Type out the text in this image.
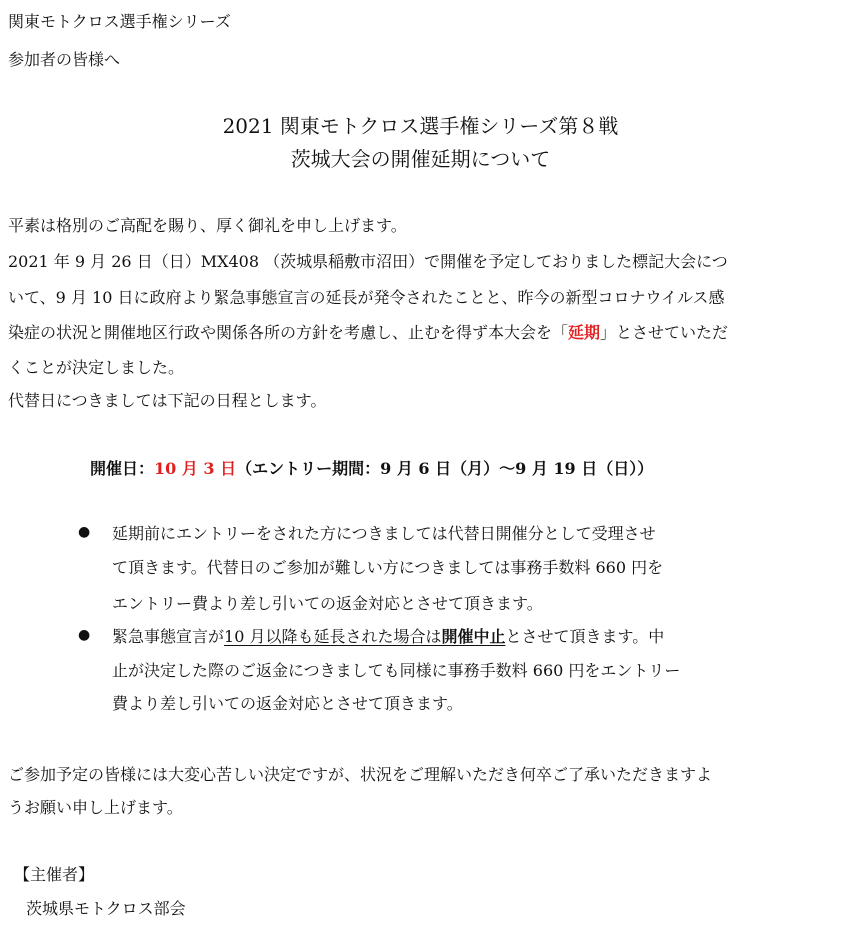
関東モトクロス選手権シリーズ
参加者の皆様へ
2021 関東モトクロス選手権シリーズ第８戦
茨城大会の開催延期について
平素は格別のご高配を賜り、厚く御礼を申し上げます。
2021 年 9 月 26 日（日）MX408 （茨城県稲敷市沼田）で開催を予定しておりました標記大会につ
いて、9 月 10 日に政府より緊急事態宣言の延長が発令されたことと、昨今の新型コロナウイルス感
染症の状況と開催地区行政や関係各所の方針を考慮し、止むを得ず本大会を「延期」とさせていただ
くことが決定しました。
代替日につきましては下記の日程とします。
開催日：10 月 3 日（エントリー期間：9 月 6 日（月）～9 月 19 日（日））
● 延期前にエントリーをされた方につきましては代替日開催分として受理させ
て頂きます。代替日のご参加が難しい方につきましては事務手数料 660 円を
エントリー費より差し引いての返金対応とさせて頂きます。
● 緊急事態宣言が10 月以降も延長された場合は開催中止とさせて頂きます。中
止が決定した際のご返金につきましても同様に事務手数料 660 円をエントリー
費より差し引いての返金対応とさせて頂きます。
ご参加予定の皆様には大変心苦しい決定ですが、状況をご理解いただき何卒ご了承いただきますよ
うお願い申し上げます。
【主催者】
茨城県モトクロス部会
